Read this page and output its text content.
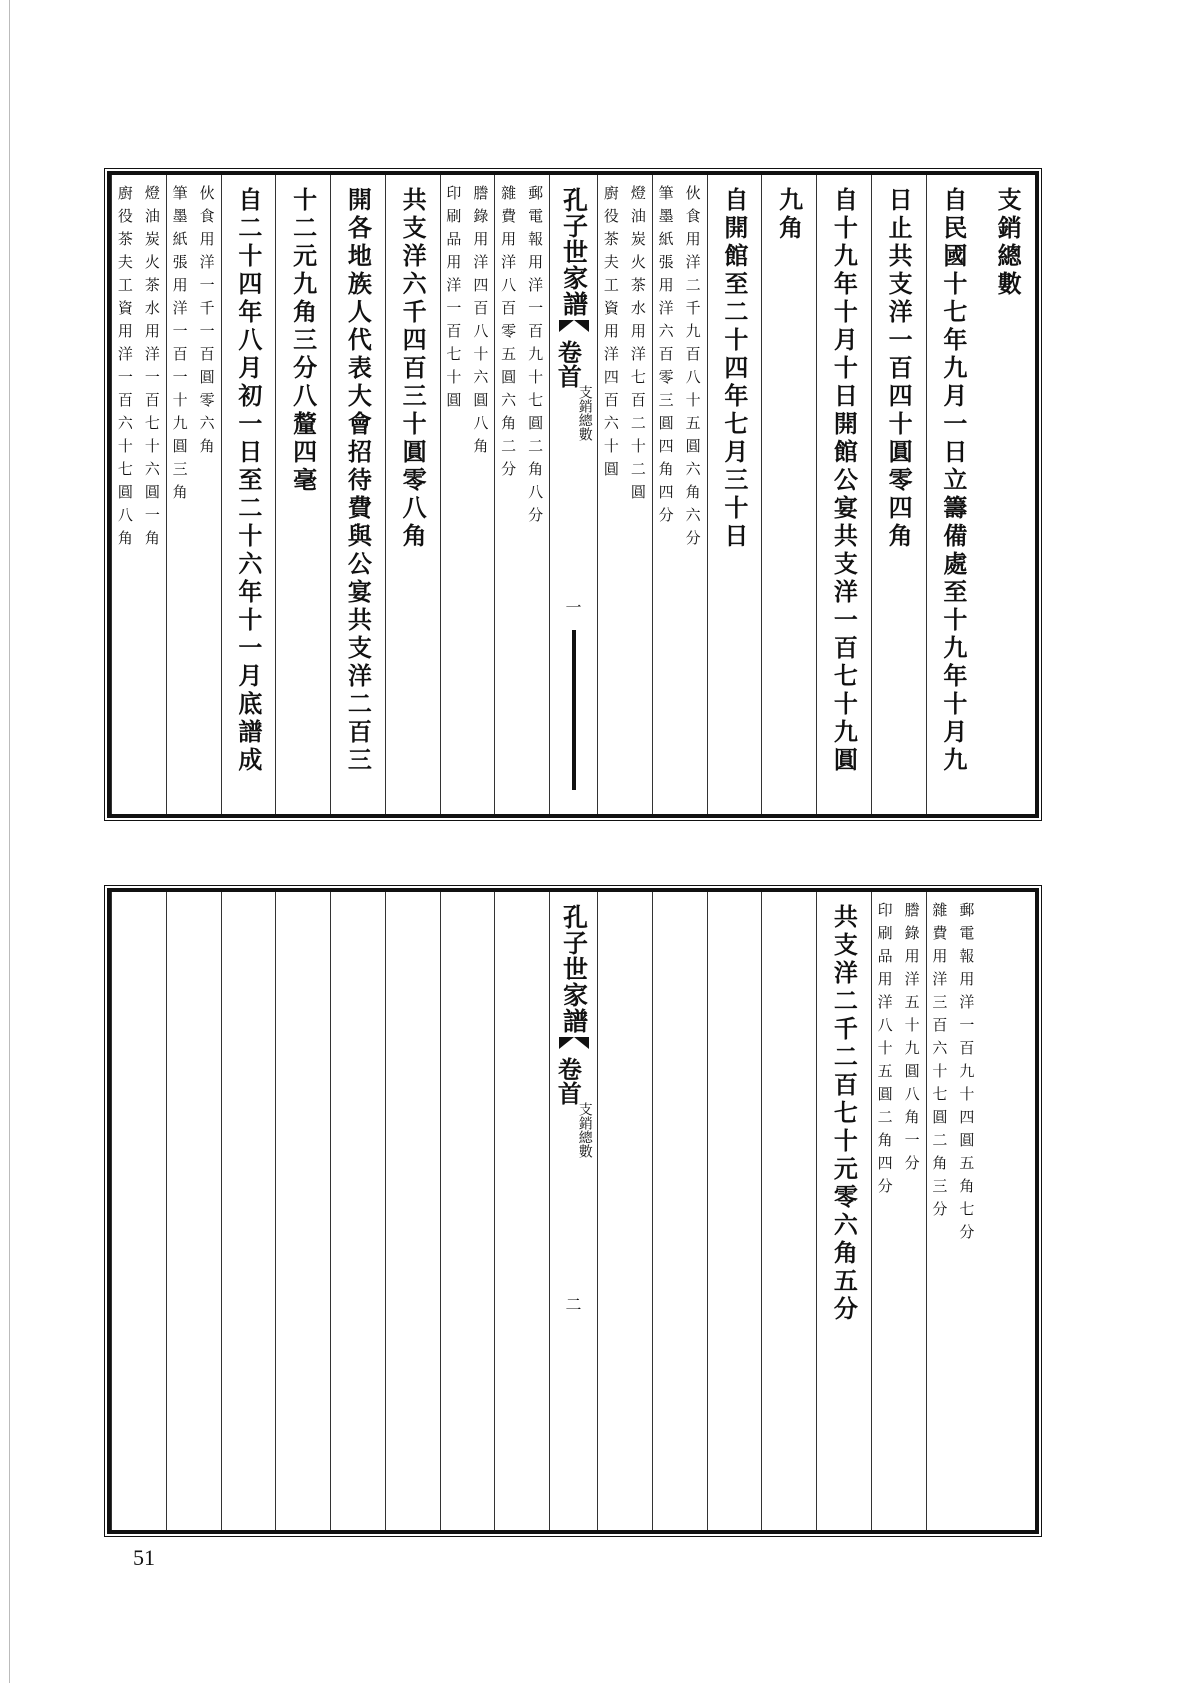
支銷總數
自民國十七年九月一日立籌備處至十九年十月九
日止共支洋一百四十圓零四角
自十九年十月十日開館公宴共支洋一百七十九圓
九角
自開館至二十四年七月三十日
伙食用洋二千九百八十五圓六角六分
筆墨紙張用洋六百零三圓四角四分
燈油炭火茶水用洋七百二十二圓
廚役茶夫工資用洋四百六十圓
孔子世家譜
卷首
支銷總數
一
郵電報用洋一百九十七圓二角八分
雜費用洋八百零五圓六角二分
謄錄用洋四百八十六圓八角
印刷品用洋一百七十圓
共支洋六千四百三十圓零八角
開各地族人代表大會招待費與公宴共支洋二百三
十二元九角三分八釐四毫
自二十四年八月初一日至二十六年十一月底譜成
伙食用洋一千一百圓零六角
筆墨紙張用洋一百一十九圓三角
燈油炭火茶水用洋一百七十六圓一角
廚役茶夫工資用洋一百六十七圓八角
郵電報用洋一百九十四圓五角七分
雜費用洋三百六十七圓二角三分
謄錄用洋五十九圓八角一分
印刷品用洋八十五圓二角四分
共支洋二千二百七十元零六角五分
孔子世家譜
卷首
支銷總數
二
51
